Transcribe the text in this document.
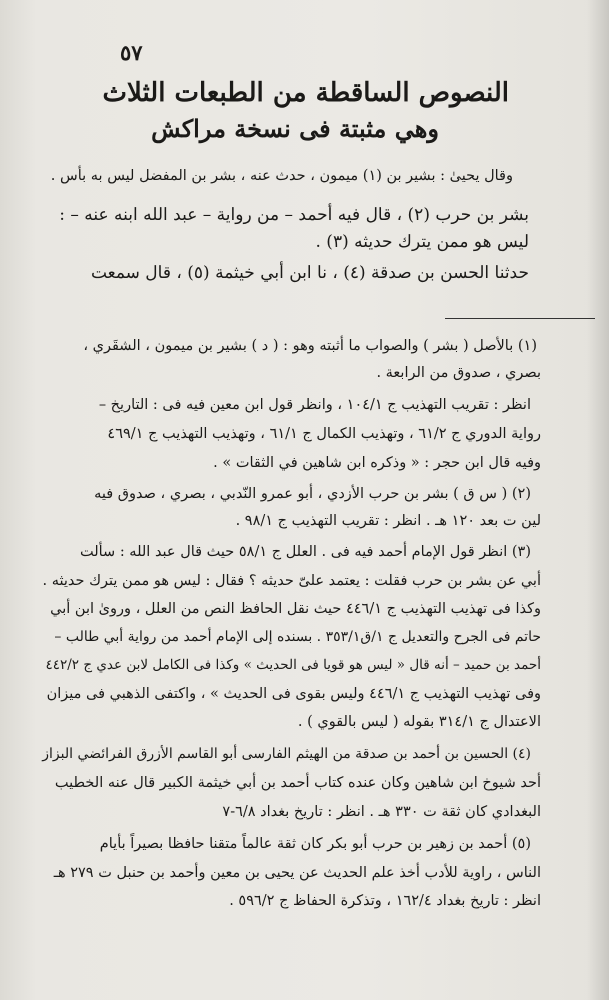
٥٧
النصوص الساقطة من الطبعات الثلاث
وهي مثبتة فى نسخة مراكش
وقال يحيىٰ : بشير بن (١) ميمون ، حدث عنه ، بشر بن المفضل ليس به بأس .
بشر بن حرب (٢) ، قال فيه أحمد – من رواية – عبد الله ابنه عنه – :
ليس هو ممن يترك حديثه (٣) .
حدثنا الحسن بن صدقة (٤) ، نا ابن أبي خيثمة (٥) ، قال سمعت
(١) بالأصل ( بشر ) والصواب ما أثبته وهو : ( د ) بشير بن ميمون ، الشقَري ،
بصري ، صدوق من الرابعة .
انظر : تقريب التهذيب ج ١٠٤/١ ، وانظر قول ابن معين فيه فى : التاريخ –
رواية الدوري ج ٦١/٢ ، وتهذيب الكمال ج ٦١/١ ، وتهذيب التهذيب ج ٤٦٩/١
وفيه قال ابن حجر : « وذكره ابن شاهين في الثقات » .
(٢) ( س ق ) بشر بن حرب الأزدي ، أبو عمرو النّدبي ، بصري ، صدوق فيه
لين ت بعد ١٢٠ هـ . انظر : تقريب التهذيب ج ٩٨/١ .
(٣) انظر قول الإمام أحمد فيه فى . العلل ج ٥٨/١ حيث قال عبد الله : سألت
أبي عن بشر بن حرب فقلت : يعتمد علىّ حديثه ؟ فقال : ليس هو ممن يترك حديثه .
وكذا فى تهذيب التهذيب ج ٤٤٦/١ حيث نقل الحافظ النص من العلل ، وروىٰ ابن أبي
حاتم فى الجرح والتعديل ج ١/ق٣٥٣/١ . بسنده إلى الإمام أحمد من رواية أبي طالب –
أحمد بن حميد – أنه قال « ليس هو قويا فى الحديث » وكذا فى الكامل لابن عدي ج ٤٤٢/٢
وفى تهذيب التهذيب ج ٤٤٦/١ وليس بقوى فى الحديث » ، واكتفى الذهبي فى ميزان
الاعتدال ج ٣١٤/١ بقوله ( ليس بالقوي ) .
(٤) الحسين بن أحمد بن صدقة من الهيثم الفارسى أبو القاسم الأزرق الفرائضي البزاز
أحد شيوخ ابن شاهين وكان عنده كتاب أحمد بن أبي خيثمة الكبير قال عنه الخطيب
البغدادي كان ثقة ت ٣٣٠ هـ . انظر : تاريخ بغداد ٦/٨-٧
(٥) أحمد بن زهير بن حرب أبو بكر كان ثقة عالماً متقنا حافظا بصيراً بأيام
الناس ، راوية للأدب أخذ علم الحديث عن يحيى بن معين وأحمد بن حنبل ت ٢٧٩ هـ
انظر : تاريخ بغداد ١٦٢/٤ ، وتذكرة الحفاظ ج ٥٩٦/٢ .
